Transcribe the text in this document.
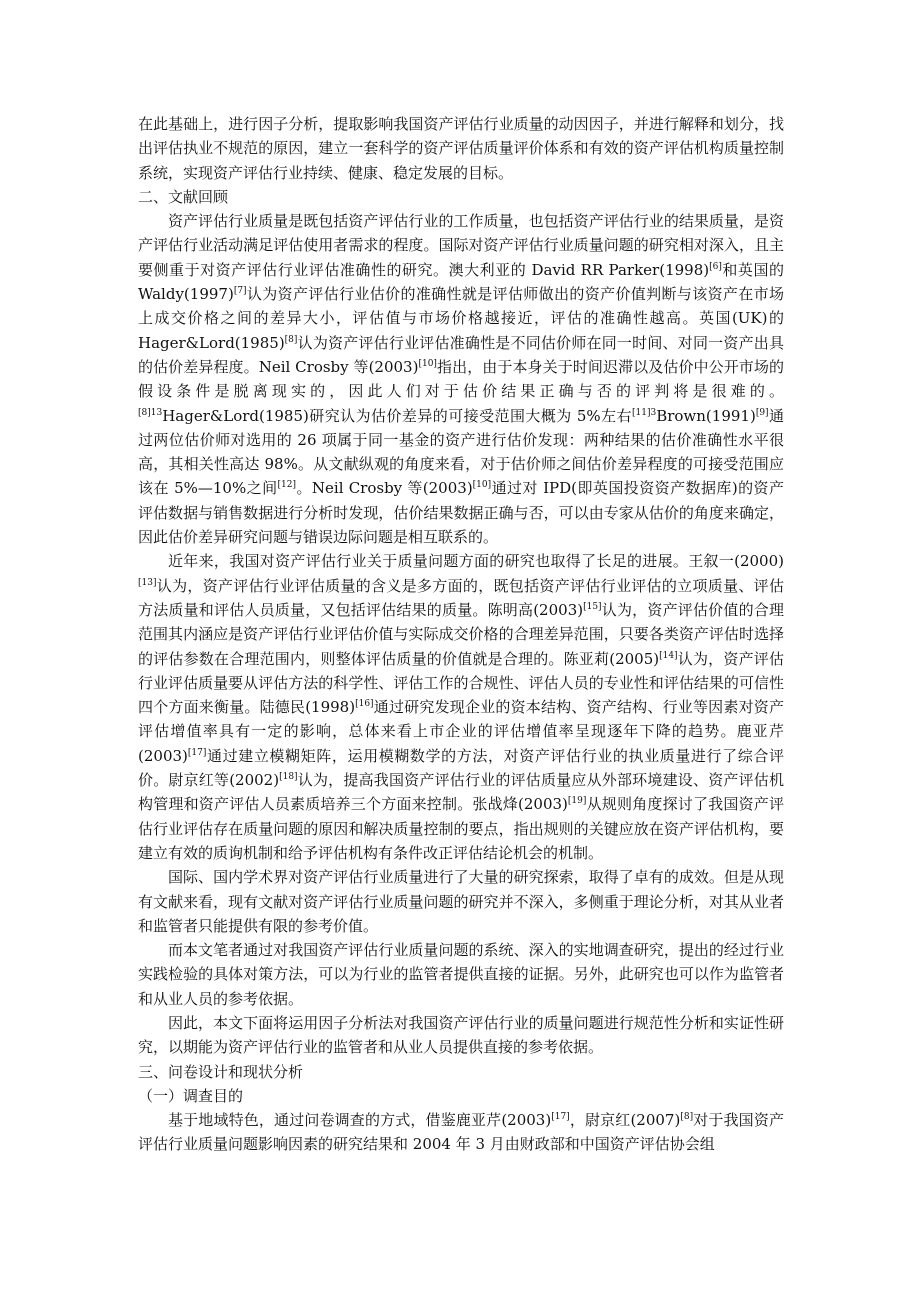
在此基础上，进行因子分析，提取影响我国资产评估行业质量的动因因子，并进行解释和划分，找出评估执业不规范的原因，建立一套科学的资产评估质量评价体系和有效的资产评估机构质量控制系统，实现资产评估行业持续、健康、稳定发展的目标。

二、文献回顾

资产评估行业质量是既包括资产评估行业的工作质量，也包括资产评估行业的结果质量，是资产评估行业活动满足评估使用者需求的程度。国际对资产评估行业质量问题的研究相对深入，且主要侧重于对资产评估行业评估准确性的研究。澳大利亚的 David RR Parker(1998)[6]和英国的 Waldy(1997)[7]认为资产评估行业估价的准确性就是评估师做出的资产价值判断与该资产在市场上成交价格之间的差异大小，评估值与市场价格越接近，评估的准确性越高。英国(UK)的 Hager&Lord(1985)[8]认为资产评估行业评估准确性是不同估价师在同一时间、对同一资产出具的估价差异程度。Neil Crosby 等(2003)[10]指出，由于本身关于时间迟滞以及估价中公开市场的假设条件是脱离现实的，因此人们对于估价结果正确与否的评判将是很难的。$^{[8]13}$Hager&Lord(1985)研究认为估价差异的可接受范围大概为 5%左右$^{[11]3}$Brown(1991)[9]通过两位估价师对选用的 26 项属于同一基金的资产进行估价发现：两种结果的估价准确性水平很高，其相关性高达 98%。从文献纵观的角度来看，对于估价师之间估价差异程度的可接受范围应该在 5%—10%之间[12]。Neil Crosby 等(2003)[10]通过对 IPD(即英国投资资产数据库)的资产评估数据与销售数据进行分析时发现，估价结果数据正确与否，可以由专家从估价的角度来确定，因此估价差异研究问题与错误边际问题是相互联系的。

近年来，我国对资产评估行业关于质量问题方面的研究也取得了长足的进展。王叙一(2000)[13]认为，资产评估行业评估质量的含义是多方面的，既包括资产评估行业评估的立项质量、评估方法质量和评估人员质量，又包括评估结果的质量。陈明高(2003)[15]认为，资产评估价值的合理范围其内涵应是资产评估行业评估价值与实际成交价格的合理差异范围，只要各类资产评估时选择的评估参数在合理范围内，则整体评估质量的价值就是合理的。陈亚莉(2005)[14]认为，资产评估行业评估质量要从评估方法的科学性、评估工作的合规性、评估人员的专业性和评估结果的可信性四个方面来衡量。陆德民(1998)[16]通过研究发现企业的资本结构、资产结构、行业等因素对资产评估增值率具有一定的影响，总体来看上市企业的评估增值率呈现逐年下降的趋势。鹿亚芹(2003)[17]通过建立模糊矩阵，运用模糊数学的方法，对资产评估行业的执业质量进行了综合评价。尉京红等(2002)[18]认为，提高我国资产评估行业的评估质量应从外部环境建设、资产评估机构管理和资产评估人员素质培养三个方面来控制。张战烽(2003)[19]从规则角度探讨了我国资产评估行业评估存在质量问题的原因和解决质量控制的要点，指出规则的关键应放在资产评估机构，要建立有效的质询机制和给予评估机构有条件改正评估结论机会的机制。

国际、国内学术界对资产评估行业质量进行了大量的研究探索，取得了卓有的成效。但是从现有文献来看，现有文献对资产评估行业质量问题的研究并不深入，多侧重于理论分析，对其从业者和监管者只能提供有限的参考价值。

而本文笔者通过对我国资产评估行业质量问题的系统、深入的实地调查研究，提出的经过行业实践检验的具体对策方法，可以为行业的监管者提供直接的证据。另外，此研究也可以作为监管者和从业人员的参考依据。

因此，本文下面将运用因子分析法对我国资产评估行业的质量问题进行规范性分析和实证性研究，以期能为资产评估行业的监管者和从业人员提供直接的参考依据。

三、问卷设计和现状分析

（一）调查目的

基于地域特色，通过问卷调查的方式，借鉴鹿亚芹(2003)[17]，尉京红(2007)[8]对于我国资产评估行业质量问题影响因素的研究结果和 2004 年 3 月由财政部和中国资产评估协会组
